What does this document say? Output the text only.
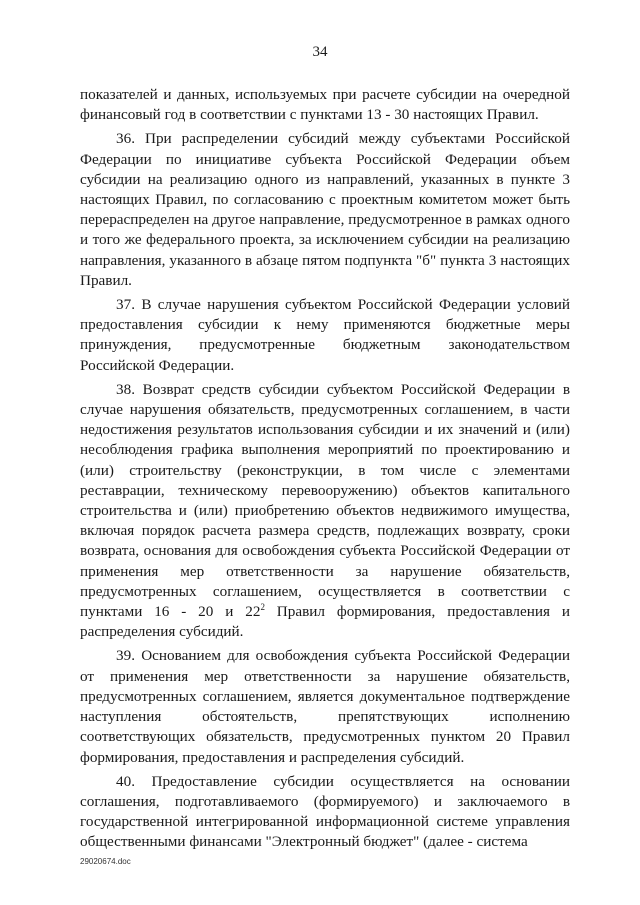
34

показателей и данных, используемых при расчете субсидии на очередной финансовый год в соответствии с пунктами 13 - 30 настоящих Правил.

36. При распределении субсидий между субъектами Российской Федерации по инициативе субъекта Российской Федерации объем субсидии на реализацию одного из направлений, указанных в пункте 3 настоящих Правил, по согласованию с проектным комитетом может быть перераспределен на другое направление, предусмотренное в рамках одного и того же федерального проекта, за исключением субсидии на реализацию направления, указанного в абзаце пятом подпункта "б" пункта 3 настоящих Правил.

37. В случае нарушения субъектом Российской Федерации условий предоставления субсидии к нему применяются бюджетные меры принуждения, предусмотренные бюджетным законодательством Российской Федерации.

38. Возврат средств субсидии субъектом Российской Федерации в случае нарушения обязательств, предусмотренных соглашением, в части недостижения результатов использования субсидии и их значений и (или) несоблюдения графика выполнения мероприятий по проектированию и (или) строительству (реконструкции, в том числе с элементами реставрации, техническому перевооружению) объектов капитального строительства и (или) приобретению объектов недвижимого имущества, включая порядок расчета размера средств, подлежащих возврату, сроки возврата, основания для освобождения субъекта Российской Федерации от применения мер ответственности за нарушение обязательств, предусмотренных соглашением, осуществляется в соответствии с пунктами 16 - 20 и $22^2$ Правил формирования, предоставления и распределения субсидий.

39. Основанием для освобождения субъекта Российской Федерации от применения мер ответственности за нарушение обязательств, предусмотренных соглашением, является документальное подтверждение наступления обстоятельств, препятствующих исполнению соответствующих обязательств, предусмотренных пунктом 20 Правил формирования, предоставления и распределения субсидий.

40. Предоставление субсидии осуществляется на основании соглашения, подготавливаемого (формируемого) и заключаемого в государственной интегрированной информационной системе управления общественными финансами "Электронный бюджет" (далее - система

29020674.doc
